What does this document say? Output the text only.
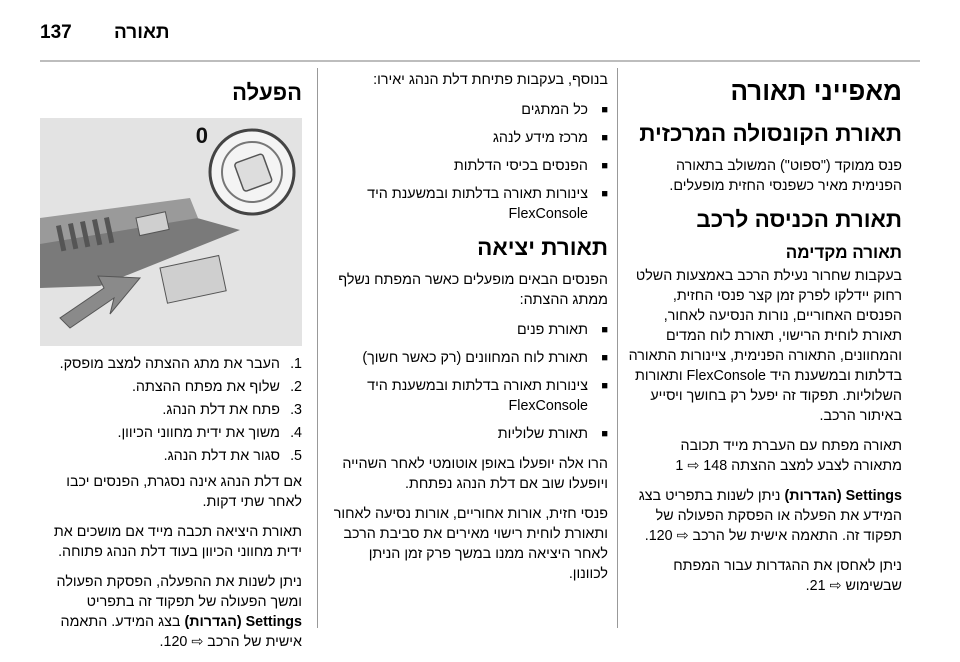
137 תאורה
מאפייני תאורה
תאורת הקונסולה המרכזית

פנס ממוקד ("ספוט") המשולב בתאורה הפנימית מאיר כשפנסי החזית מופעלים.

תאורת הכניסה לרכב
תאורה מקדימה

בעקבות שחרור נעילת הרכב באמצעות השלט רחוק יידלקו לפרק זמן קצר פנסי החזית, הפנסים האחוריים, נורות הנסיעה לאחור, תאורת לוחית הרישוי, תאורת לוח המדים והמחוונים, התאורה הפנימית, ציינורות התאורה בדלתות ובמשענת היד FlexConsole ותאורות השלוליות. תפקוד זה יפעל רק בחושך ויסייע באיתור הרכב.

תאורה מפתח עם העברת מייד תכובה מתאורה לצבע למצב ההצתה 148 ⇨ 1

Settings (הגדרות) ניתן לשנות בתפריט בצג המידע את הפעלה או הפסקת הפעולה של תפקוד זה. התאמה אישית של הרכב ⇨ 120.

ניתן לאחסן את ההגדרות עבור המפתח שבשימוש ⇨ 21.

בנוסף, בעקבות פתיחת דלת הנהג יאירו:

■ כל המתגים
■ מרכז מידע לנהג
■ הפנסים בכיסי הדלתות
■ צינורות תאורה בדלתות ובמשענת היד FlexConsole
תאורת יציאה

הפנסים הבאים מופעלים כאשר המפתח נשלף ממתג ההצתה:

■ תאורת פנים
■ תאורת לוח המחוונים (רק כאשר חשוך)
■ צינורות תאורה בדלתות ובמשענת היד FlexConsole
■ תאורת שלוליות

הרו אלה יופעלו באופן אוטומטי לאחר השהייה ויופעלו שוב אם דלת הנהג נפתחת.

פנסי חזית, אורות אחוריים, אורות נסיעה לאחור ותאורת לוחית רישוי מאירים את סביבת הרכב לאחר היציאה ממנו במשך פרק זמן הניתן לכוונון.

הפעלה
0
1. העבר את מתג ההצתה למצב מופסק.
2. שלוף את מפתח ההצתה.
3. פתח את דלת הנהג.
4. משוך את ידית מחווני הכיוון.
5. סגור את דלת הנהג.

אם דלת הנהג אינה נסגרת, הפנסים יכבו לאחר שתי דקות.

תאורת היציאה תכבה מייד אם מושכים את ידית מחווני הכיוון בעוד דלת הנהג פתוחה.

ניתן לשנות את ההפעלה, הפסקת הפעולה ומשך הפעולה של תפקוד זה בתפריט Settings (הגדרות) בצג המידע. התאמה אישית של הרכב ⇨ 120.
